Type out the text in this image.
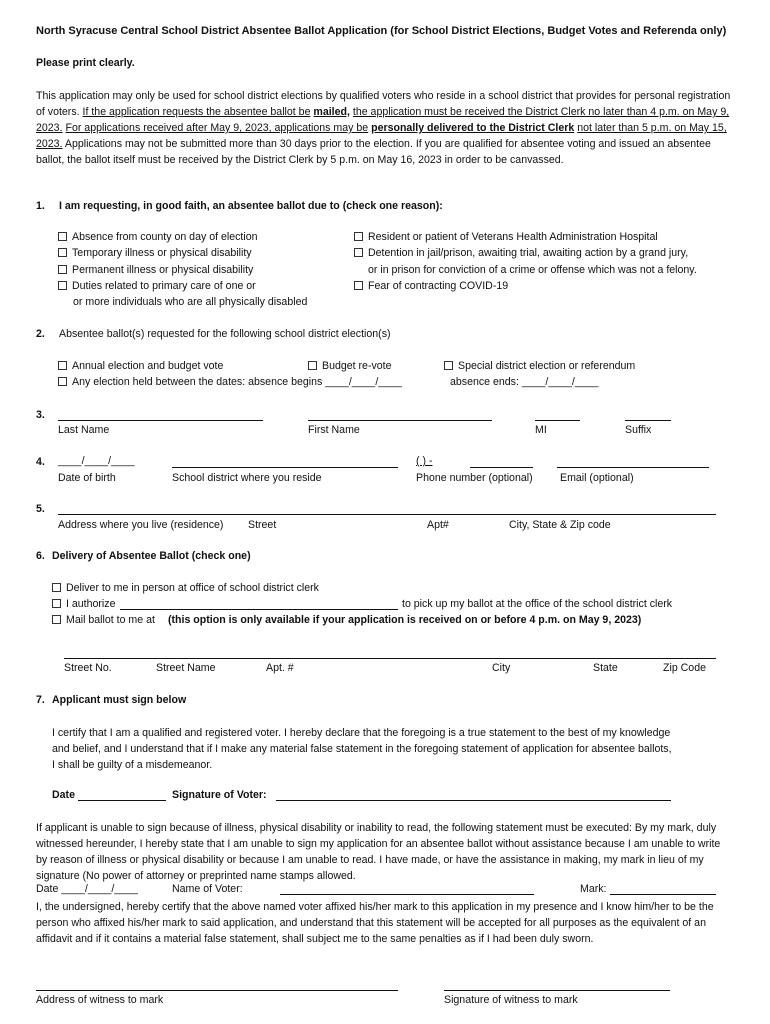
North Syracuse Central School District Absentee Ballot Application (for School District Elections, Budget Votes and Referenda only)
Please print clearly.

This application may only be used for school district elections by qualified voters who reside in a school district that provides for personal registration of voters. If the application requests the absentee ballot be mailed, the application must be received the District Clerk no later than 4 p.m. on May 9, 2023. For applications received after May 9, 2023, applications may be personally delivered to the District Clerk not later than 5 p.m. on May 15, 2023. Applications may not be submitted more than 30 days prior to the election. If you are qualified for absentee voting and issued an absentee ballot, the ballot itself must be received by the District Clerk by 5 p.m. on May 16, 2023 in order to be canvassed.

1. I am requesting, in good faith, an absentee ballot due to (check one reason):
Absence from county on day of election
Temporary illness or physical disability
Permanent illness or physical disability
Duties related to primary care of one or
or more individuals who are all physically disabled
Resident or patient of Veterans Health Administration Hospital
Detention in jail/prison, awaiting trial, awaiting action by a grand jury,
or in prison for conviction of a crime or offense which was not a felony.
Fear of contracting COVID-19
2. Absentee ballot(s) requested for the following school district election(s)
Annual election and budget vote	Budget re-vote	Special district election or referendum
Any election held between the dates: absence begins ____/____/____	absence ends: ____/____/____
3.
Last Name	First Name	MI	Suffix
4. ____/____/____	( ) -
Date of birth	School district where you reside	Phone number (optional)	Email (optional)
5.
Address where you live (residence) Street	Apt#	City, State & Zip code
6. Delivery of Absentee Ballot (check one)
Deliver to me in person at office of school district clerk
I authorize	to pick up my ballot at the office of the school district clerk
Mail ballot to me at (this option is only available if your application is received on or before 4 p.m. on May 9, 2023)
Street No.	Street Name	Apt. #	City	State	Zip Code
7. Applicant must sign below

I certify that I am a qualified and registered voter. I hereby declare that the foregoing is a true statement to the best of my knowledge and belief, and I understand that if I make any material false statement in the foregoing statement of application for absentee ballots, I shall be guilty of a misdemeanor.

Date	Signature of Voter:

If applicant is unable to sign because of illness, physical disability or inability to read, the following statement must be executed: By my mark, duly witnessed hereunder, I hereby state that I am unable to sign my application for an absentee ballot without assistance because I am unable to write by reason of illness or physical disability or because I am unable to read. I have made, or have the assistance in making, my mark in lieu of my signature (No power of attorney or preprinted name stamps allowed.

Date ____/____/____	Name of Voter:	Mark:

I, the undersigned, hereby certify that the above named voter affixed his/her mark to this application in my presence and I know him/her to be the person who affixed his/her mark to said application, and understand that this statement will be accepted for all purposes as the equivalent of an affidavit and if it contains a material false statement, shall subject me to the same penalties as if I had been duly sworn.

Address of witness to mark	Signature of witness to mark
